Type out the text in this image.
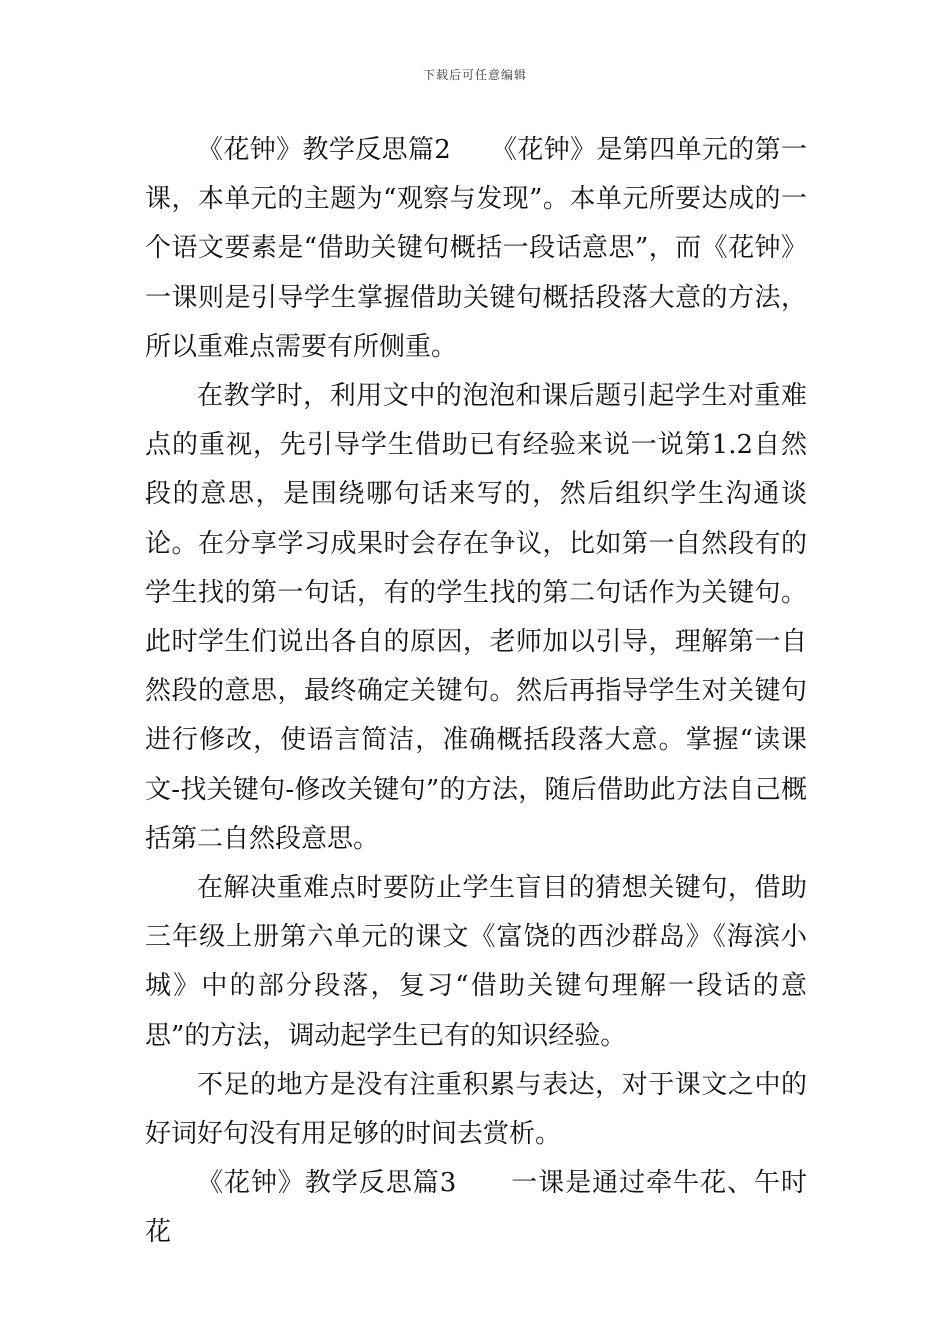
下载后可任意编辑

《花钟》教学反思篇2　　《花钟》是第四单元的第一课，本单元的主题为“观察与发现”。本单元所要达成的一个语文要素是“借助关键句概括一段话意思”，而《花钟》一课则是引导学生掌握借助关键句概括段落大意的方法，所以重难点需要有所侧重。

在教学时，利用文中的泡泡和课后题引起学生对重难点的重视，先引导学生借助已有经验来说一说第1.2自然段的意思，是围绕哪句话来写的，然后组织学生沟通谈论。在分享学习成果时会存在争议，比如第一自然段有的学生找的第一句话，有的学生找的第二句话作为关键句。此时学生们说出各自的原因，老师加以引导，理解第一自然段的意思，最终确定关键句。然后再指导学生对关键句进行修改，使语言简洁，准确概括段落大意。掌握“读课文-找关键句-修改关键句”的方法，随后借助此方法自己概括第二自然段意思。

在解决重难点时要防止学生盲目的猜想关键句，借助三年级上册第六单元的课文《富饶的西沙群岛》《海滨小城》中的部分段落，复习“借助关键句理解一段话的意思”的方法，调动起学生已有的知识经验。

不足的地方是没有注重积累与表达，对于课文之中的好词好句没有用足够的时间去赏析。

《花钟》教学反思篇3　　一课是通过牵牛花、午时花
